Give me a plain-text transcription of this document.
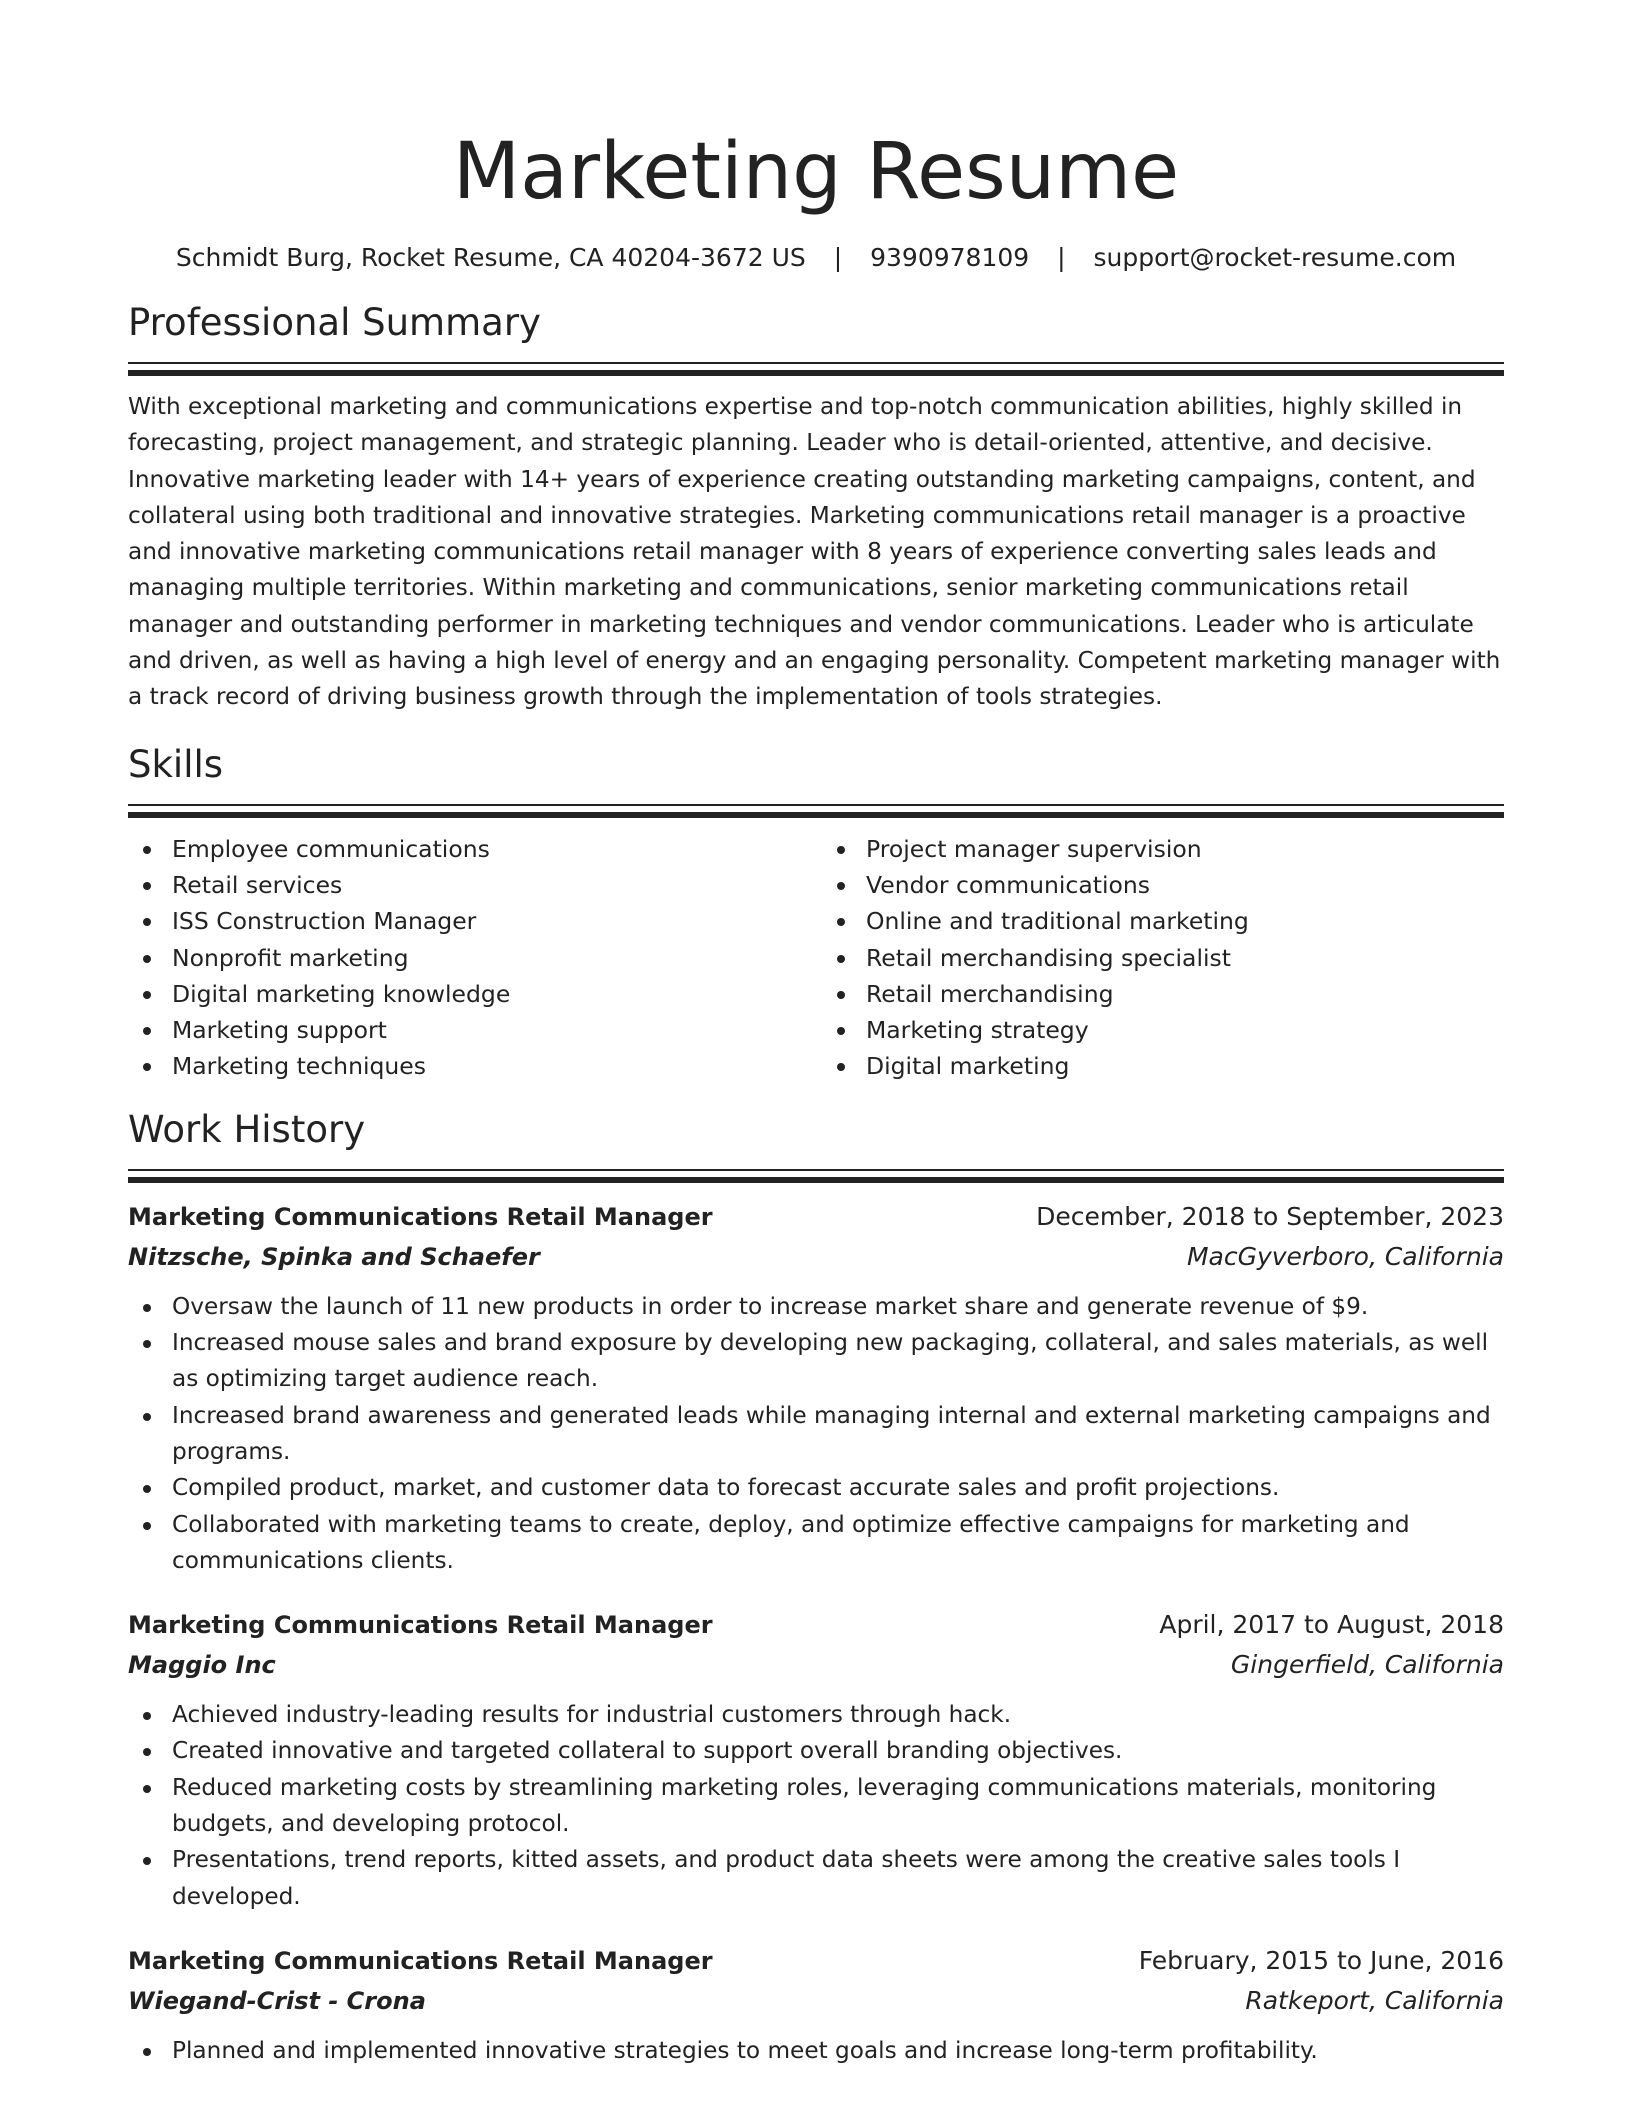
Marketing Resume
Schmidt Burg, Rocket Resume, CA 40204-3672 US | 9390978109 | support@rocket-resume.com
Professional Summary

With exceptional marketing and communications expertise and top-notch communication abilities, highly skilled in forecasting, project management, and strategic planning. Leader who is detail-oriented, attentive, and decisive. Innovative marketing leader with 14+ years of experience creating outstanding marketing campaigns, content, and collateral using both traditional and innovative strategies. Marketing communications retail manager is a proactive and innovative marketing communications retail manager with 8 years of experience converting sales leads and managing multiple territories. Within marketing and communications, senior marketing communications retail manager and outstanding performer in marketing techniques and vendor communications. Leader who is articulate and driven, as well as having a high level of energy and an engaging personality. Competent marketing manager with a track record of driving business growth through the implementation of tools strategies.

Skills
Employee communications
Retail services
ISS Construction Manager
Nonprofit marketing
Digital marketing knowledge
Marketing support
Marketing techniques
Project manager supervision
Vendor communications
Online and traditional marketing
Retail merchandising specialist
Retail merchandising
Marketing strategy
Digital marketing
Work History
Marketing Communications Retail Manager	December, 2018 to September, 2023
Nitzsche, Spinka and Schaefer	MacGyverboro, California
Oversaw the launch of 11 new products in order to increase market share and generate revenue of $9.
Increased mouse sales and brand exposure by developing new packaging, collateral, and sales materials, as well as optimizing target audience reach.
Increased brand awareness and generated leads while managing internal and external marketing campaigns and programs.
Compiled product, market, and customer data to forecast accurate sales and profit projections.
Collaborated with marketing teams to create, deploy, and optimize effective campaigns for marketing and communications clients.
Marketing Communications Retail Manager	April, 2017 to August, 2018
Maggio Inc	Gingerfield, California
Achieved industry-leading results for industrial customers through hack.
Created innovative and targeted collateral to support overall branding objectives.
Reduced marketing costs by streamlining marketing roles, leveraging communications materials, monitoring budgets, and developing protocol.
Presentations, trend reports, kitted assets, and product data sheets were among the creative sales tools I developed.
Marketing Communications Retail Manager	February, 2015 to June, 2016
Wiegand-Crist - Crona	Ratkeport, California
Planned and implemented innovative strategies to meet goals and increase long-term profitability.
